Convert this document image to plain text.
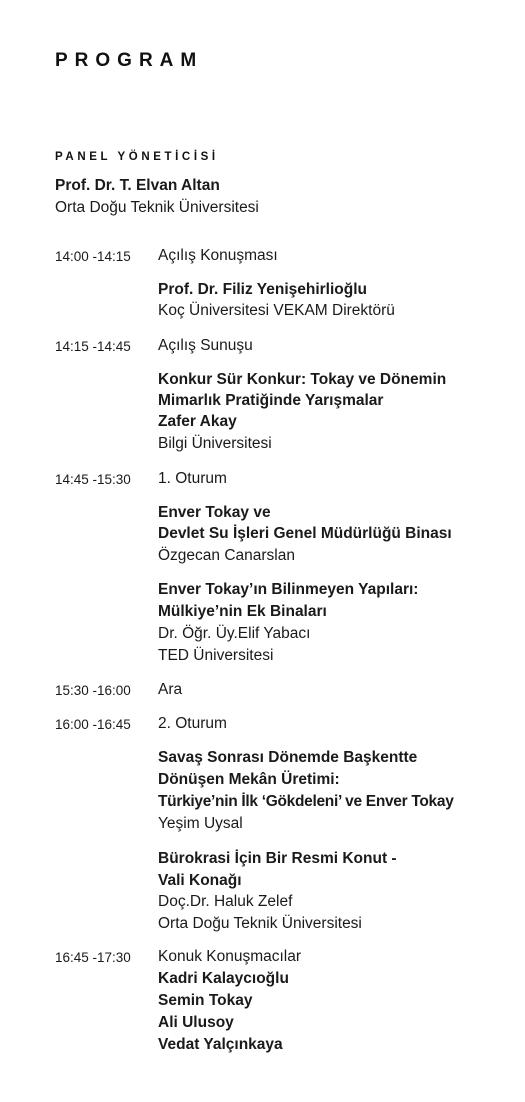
PROGRAM
PANEL YÖNETİCİSİ
Prof. Dr. T. Elvan Altan
Orta Doğu Teknik Üniversitesi
14:00 -14:15 Açılış Konuşması
Prof. Dr. Filiz Yenişehirlioğlu
Koç Üniversitesi VEKAM Direktörü
14:15 -14:45 Açılış Sunuşu
Konkur Sür Konkur: Tokay ve Dönemin
Mimarlık Pratiğinde Yarışmalar
Zafer Akay
Bilgi Üniversitesi
14:45 -15:30 1. Oturum
Enver Tokay ve
Devlet Su İşleri Genel Müdürlüğü Binası
Özgecan Canarslan
Enver Tokay’ın Bilinmeyen Yapıları:
Mülkiye’nin Ek Binaları
Dr. Öğr. Üy.Elif Yabacı
TED Üniversitesi
15:30 -16:00 Ara
16:00 -16:45 2. Oturum
Savaş Sonrası Dönemde Başkentte
Dönüşen Mekân Üretimi:
Türkiye’nin İlk ‘Gökdeleni’ ve Enver Tokay
Yeşim Uysal
Bürokrasi İçin Bir Resmi Konut -
Vali Konağı
Doç.Dr. Haluk Zelef
Orta Doğu Teknik Üniversitesi
16:45 -17:30 Konuk Konuşmacılar
Kadri Kalaycıoğlu
Semin Tokay
Ali Ulusoy
Vedat Yalçınkaya
